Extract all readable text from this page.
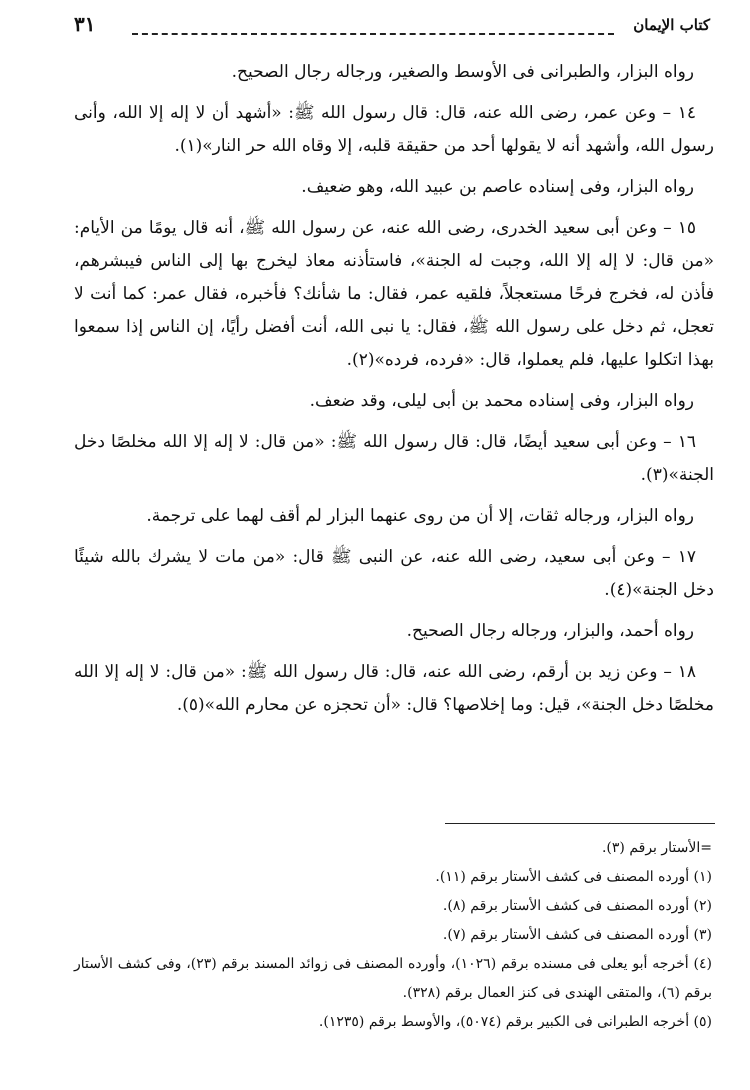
كتاب الإيمان
٣١

رواه البزار، والطبرانى فى الأوسط والصغير، ورجاله رجال الصحيح.

١٤ – وعن عمر، رضى الله عنه، قال: قال رسول الله ﷺ: «أشهد أن لا إله إلا الله، وأنى رسول الله، وأشهد أنه لا يقولها أحد من حقيقة قلبه، إلا وقاه الله حر النار»(١).

رواه البزار، وفى إسناده عاصم بن عبيد الله، وهو ضعيف.

١٥ – وعن أبى سعيد الخدرى، رضى الله عنه، عن رسول الله ﷺ، أنه قال يومًا من الأيام: «من قال: لا إله إلا الله، وجبت له الجنة»، فاستأذنه معاذ ليخرج بها إلى الناس فيبشرهم، فأذن له، فخرج فرحًا مستعجلاً، فلقيه عمر، فقال: ما شأنك؟ فأخبره، فقال عمر: كما أنت لا تعجل، ثم دخل على رسول الله ﷺ، فقال: يا نبى الله، أنت أفضل رأيًا، إن الناس إذا سمعوا بهذا اتكلوا عليها، فلم يعملوا، قال: «فرده، فرده»(٢).

رواه البزار، وفى إسناده محمد بن أبى ليلى، وقد ضعف.

١٦ – وعن أبى سعيد أيضًا، قال: قال رسول الله ﷺ: «من قال: لا إله إلا الله مخلصًا دخل الجنة»(٣).

رواه البزار، ورجاله ثقات، إلا أن من روى عنهما البزار لم أقف لهما على ترجمة.

١٧ – وعن أبى سعيد، رضى الله عنه، عن النبى ﷺ قال: «من مات لا يشرك بالله شيئًا دخل الجنة»(٤).

رواه أحمد، والبزار، ورجاله رجال الصحيح.

١٨ – وعن زيد بن أرقم، رضى الله عنه، قال: قال رسول الله ﷺ: «من قال: لا إله إلا الله مخلصًا دخل الجنة»، قيل: وما إخلاصها؟ قال: «أن تحجزه عن محارم الله»(٥).

=الأستار برقم (٣).

(١) أورده المصنف فى كشف الأستار برقم (١١).

(٢) أورده المصنف فى كشف الأستار برقم (٨).

(٣) أورده المصنف فى كشف الأستار برقم (٧).

(٤) أخرجه أبو يعلى فى مسنده برقم (١٠٢٦)، وأورده المصنف فى زوائد المسند برقم (٢٣)، وفى كشف الأستار برقم (٦)، والمتقى الهندى فى كنز العمال برقم (٣٢٨).

(٥) أخرجه الطبرانى فى الكبير برقم (٥٠٧٤)، والأوسط برقم (١٢٣٥).
